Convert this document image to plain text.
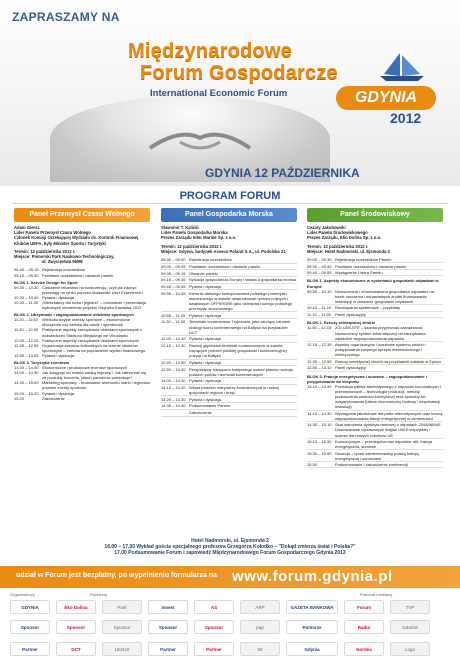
ZAPRASZAMY NA
Międzynarodowe
Forum Gospodarcze
International Economic Forum	GDYNIA
2012
GDYNIA 12 PAŹDZIERNIKA
PROGRAM FORUM
Panel Przemysł Czasu Wolnego
Adam Giersz
Lider Panelu Przemysł Czasu Wolnego
Członek Komisji Orzekającej Wydziału ds. Kontroli Finansowej
Klubów UEFA, były Minister Sportu i Turystyki
Termin: 12 października 2012 r.
Miejsce: Pomorski Park Naukowo-Technologiczny,
al. Zwycięstwa 96/98
08.45 – 09.15 Rejestracja uczestników
09.15 – 09.30 Powitanie uczestników i otwarcie panelu
BLOK 1. Service Design for Sport
09.30 – 10.30 Ćwiczenie lekarstwo na konkurencję, czyli jak zdobyć przewagę na rynku poprzez doskonale User Experience?
10.30 – 10.40 Pytania i dyskusja
10.40 – 11.00 „Mieszkańcy dla rurka i jegliarki” – omówienie i prezentacja wybranych elementów projektu Gdyńska Kawiarka 2012
BLOK 2. Utrzymanie i zagospodarowanie obiektów sportowych
11.20 – 11.40	Wielkofunkcyjne obiekty sportowe – ekonomiczne obciążenie czy szansa dla władz i operatorów
11.40 – 12.00 Praktyczne aspekty zarządzania obiektami sportowymi z doświadczeń Stadionu Miejskiego we Wrocławiu
12.00 – 12.25 Praktyczne aspekty zarządzania obiektami sportowymi
12.25 – 12.55 Organizacja eventów kulturalnych na terenie obiektów sportowych – metoda na poprawienie wyniku finansowego
12.55 – 13.05 Pytania i dyskusja
BLOK 3. Turystyka eventowa
13.30 – 14.00 Ekonomiczne i produktowe eventów sportowych
14.00 – 14.30 Jak ściągnąć do miasta wielką imprezę? Jak zatrzymać się za produkty koncertu, jakich partnerów potrzebuje?
14.30 – 15.00 Marketing sportowy – budowanie wizerunku marki i regionów poprzez eventy sportowe
15.00 – 15.20 Pytania i dyskusja
15.20	Zakończenie
Panel Gospodarka Morska
Sławomir T. Kalicki
Lider Panelu Gospodarka Morska
Prezes Zarządu Inter Marine Sp. z o.o.
Termin: 12 października 2012 r.
Miejsce: Gdynia, budynek Asseco Poland S.A., ul. Podolska 21
08.30 – 09.00 Rejestracja uczestników
09.00 – 09.05 Powitanie uczestników i otwarcie panelu
09.05 – 09.15 Otwarcie panelu
09.15 – 09.45 Sytuacja gospodarcza Europy i świata a gospodarka morska
09.45 – 09.55 Pytania i dyskusja
09.55 – 10.55 Kierunki dalszego funkcjonowania polskiego przemysłu stoczniowego w świetle uwarunkowań rynków unijnych i światowych OFFSHORE jako dziedzina rozwoju polskiego przemysłu stoczniowego
10.55 – 11.05 Pytania i dyskusja
11.30 – 12.00 Terminale kontenerowe Trójmiasta, jako wiodący ośrodek obsługi ruchu kontenerowego na Bałtyku na przykładzie DCT
12.00 – 12.10 Pytania i dyskusja
12.10 – 12.30 Rozwój głębinkich terminali kontenerowych w świetle rosnących potrzeb polskiej gospodarki i konkurencyjnej pozycji na Bałtyku
12.40 – 12.50 Pytania i dyskusja
12.50 – 13.30 Perspektywy transportu kolejowego wobec planów rozwoju polskich portów i terminali kontenerowych
14.00 – 14.10 Pytania i dyskusja
14.10 – 14.20 Wkład polskich marynarzy kontraktowych w rozwój gospodarki regionu i kraju
14.20 – 14.30 Pytania i dyskusja
14.30 – 14.40 Podsumowanie Panelu
Zakończenie
Panel Środowiskowy
Cezary Jakubowski
Lider Panelu Środowiskowego
Prezes Zarządu, Eko Dolina Sp. z o.o.
Termin: 12 października 2012 r.
Miejsce: Hotel Nadmorski, ul. Ejsmonda 2
09.00 – 09.30 Rejestracja uczestników Panelu
09.30 – 09.40 Powitanie uczestników i otwarcie panelu
09.40 – 09.55 Wystąpienie Lidera Panelu
BLOK 1. Aspekty ekonomiczne w systemach gospodarki odpadami w Europie
09.50 – 10.10 Nowoczesna i zrównoważona gospodarka odpadami na bazie otoczenia i odnawialnych źródeł finansowania inwestycji w obszarze gospodarki odpadami
10.10 – 11.10 Rozwiązania systemowe – przykłady
11.10 – 11.30	Panel dyskusyjny
BLOK 2. Rzeczy selektywnej zbiórki
11.50 – 12.15 ZGI UDEZITE – szansa przyjmować zarządzania. Nowoczesny system informatyczny do zarządzania zakładem zagospodarowania odpadów
12.15 – 12.35 Aspekty organizacyjne i kosztowe systemu zbiórki i postępowania zużytego sprzętu elektronicznego i elektrycznego
12.35 – 12.55 Rzeczy selektywnej zbiórki na przykładzie zakładu w Żywcu
12.55 – 13.10 Panel dyskusyjny
BLOK 3. Frakcja energetyczna i surowce – zagospodarowanie i przygotowanie do eksportu
13.10 – 13.40 Produkcja paliwa alternatywnego z odpadów komunalnych i przemysłowych – technologia produkcji, metody podnoszenia wartości kalorycznej oraz sposoby ich magazynowania (bilans ekonomiczny budowy i eksploatacji instalacji)
14.10 – 14.30 Wymagania jakościowe dla paliw alternatywnych oraz koszty zagospodarowania frakcji energetycznej w cementowni
14.30 – 15.10 Skat wdrożenia dyrektyw ramowej o odpadach 2008/98/WE. Dostosowanie wydawanych krajów Unii Europejskiej i szanse dla nowych członków UE
15.10 – 15.30 Konsorcjonym – przedsiębiorców odpadów: stil, frakcja energetyczna, surowce
15.30 – 15.50 Szwecja – rynek zainteresowany polską frakcją energetyczną i surowcami
15.50	Podsumowanie i zakończenie konferencji
Hotel Nadmorski, ul. Ejsmonda 2
16.00 – 17.00 Wykład gościa specjalnego profesora Grzegorza Kołodko – "Dokąd zmierza świat i Polska?"
17.00 Podsumowanie Forum i zapowiedź Międzynarodowego Forum Gospodarczego Gdynia 2013
udział w Forum jest bezpłatny, po wypełnieniu formularza na www.forum.gdynia.pl
Organizatorzy	Partnerzy	Patronat medialny
GDYNIA	Eko Dolina	Park	Invest	AS	ARP	GAZETA BANKOWA	Forum	TVP
Sponsor	Sponsor	Sponsor	Sponsor	Sponsor	pap	Pomorze	Radio	Gdańsk
Partner	DCT	LEXUS	Partner	Partner	90	Gdynia	Nordea	Logo
